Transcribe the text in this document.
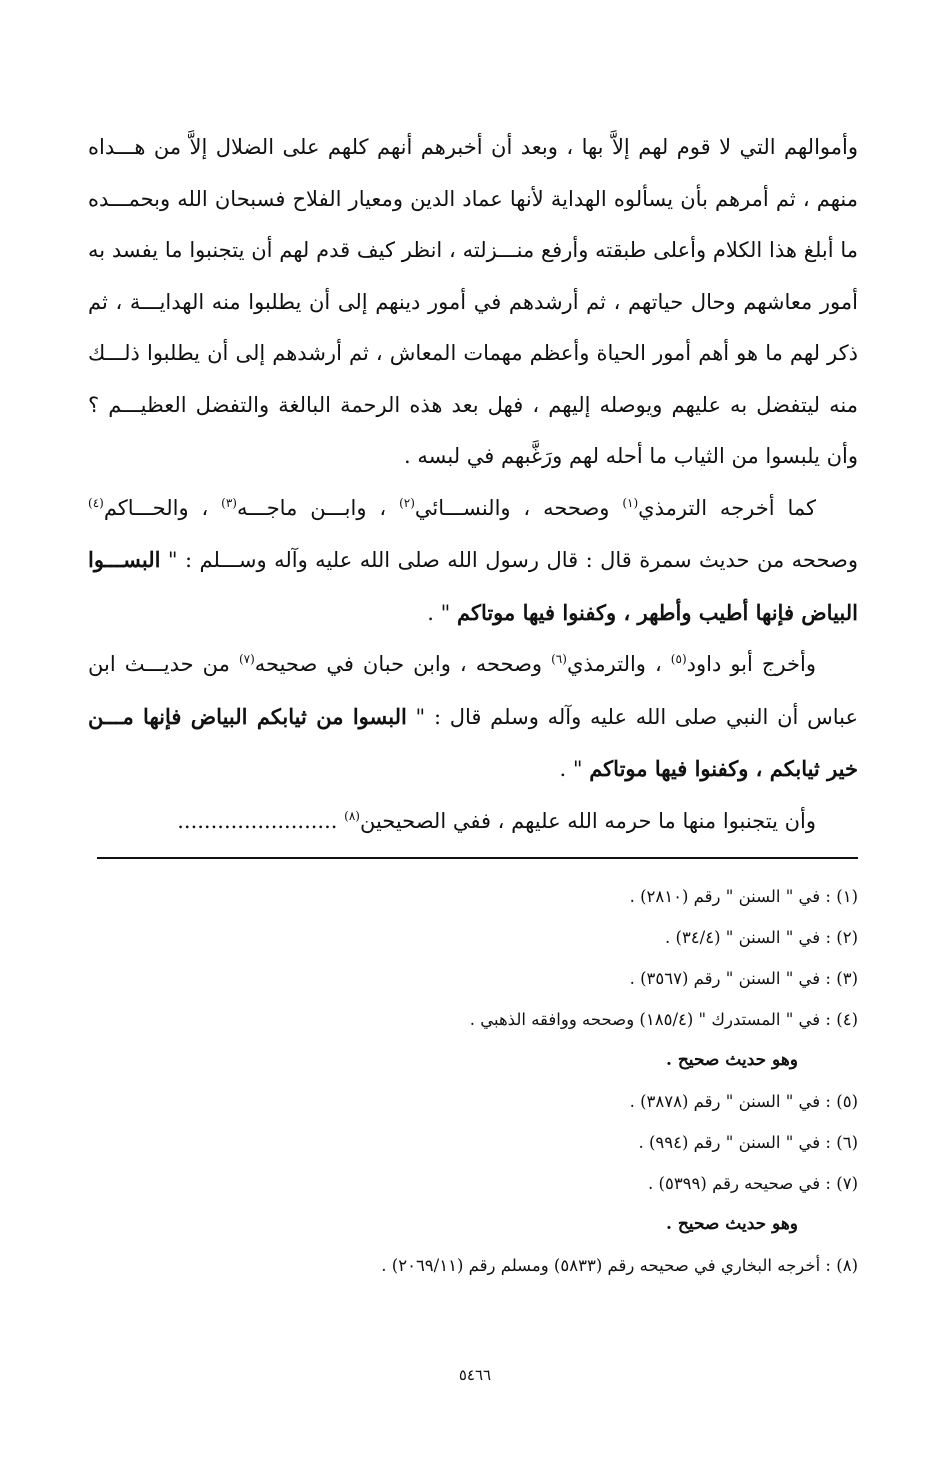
وأموالهم التي لا قوم لهم إلاَّ بها ، وبعد أن أخبرهم أنهم كلهم على الضلال إلاَّ من هـــداه منهم ، ثم أمرهم بأن يسألوه الهداية لأنها عماد الدين ومعيار الفلاح فسبحان الله وبحمـــده ما أبلغ هذا الكلام وأعلى طبقته وأرفع منـــزلته ، انظر كيف قدم لهم أن يتجنبوا ما يفسد به أمور معاشهم وحال حياتهم ، ثم أرشدهم في أمور دينهم إلى أن يطلبوا منه الهدايـــة ، ثم ذكر لهم ما هو أهم أمور الحياة وأعظم مهمات المعاش ، ثم أرشدهم إلى أن يطلبوا ذلـــك منه ليتفضل به عليهم ويوصله إليهم ، فهل بعد هذه الرحمة البالغة والتفضل العظيـــم ؟ وأن يلبسوا من الثياب ما أحله لهم ورَغَّبهم في لبسه .

كما أخرجه الترمذي$^{(١)}$ وصححه ، والنســـائي$^{(٢)}$ ، وابـــن ماجـــه$^{(٣)}$ ، والحـــاكم$^{(٤)}$ وصححه من حديث سمرة قال : قال رسول الله صلى الله عليه وآله وســـلم : " البســـوا البياض فإنها أطيب وأطهر ، وكفنوا فيها موتاكم " .

وأخرج أبو داود$^{(٥)}$ ، والترمذي$^{(٦)}$ وصححه ، وابن حبان في صحيحه$^{(٧)}$ من حديـــث ابن عباس أن النبي صلى الله عليه وآله وسلم قال : " البسوا من ثيابكم البياض فإنها مـــن خير ثيابكم ، وكفنوا فيها موتاكم " .

وأن يتجنبوا منها ما حرمه الله عليهم ، ففي الصحيحين$^{(٨)}$ ........................

(١) : في " السنن " رقم (٢٨١٠) .

(٢) : في " السنن " (٣٤/٤) .

(٣) : في " السنن " رقم (٣٥٦٧) .

(٤) : في " المستدرك " (١٨٥/٤) وصححه ووافقه الذهبي .

وهو حديث صحيح .

(٥) : في " السنن " رقم (٣٨٧٨) .

(٦) : في " السنن " رقم (٩٩٤) .

(٧) : في صحيحه رقم (٥٣٩٩) .

وهو حديث صحيح .

(٨) : أخرجه البخاري في صحيحه رقم (٥٨٣٣) ومسلم رقم (٢٠٦٩/١١) .

٥٤٦٦
